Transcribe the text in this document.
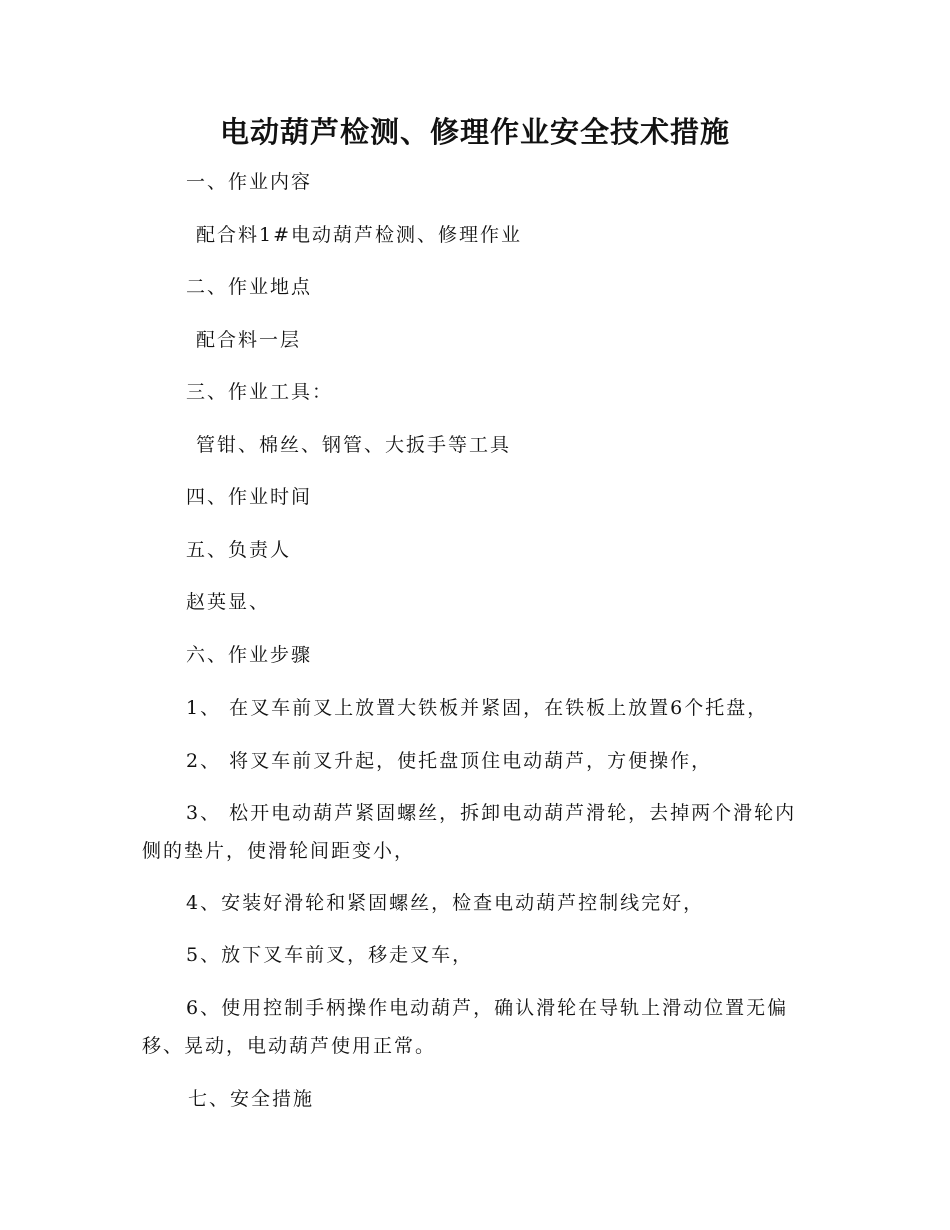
电动葫芦检测、修理作业安全技术措施
一、作业内容
配合料1#电动葫芦检测、修理作业
二、作业地点
配合料一层
三、作业工具：
管钳、棉丝、钢管、大扳手等工具
四、作业时间
五、负责人
赵英显、
六、作业步骤
1、 在叉车前叉上放置大铁板并紧固，在铁板上放置6个托盘，
2、 将叉车前叉升起，使托盘顶住电动葫芦，方便操作，
3、 松开电动葫芦紧固螺丝，拆卸电动葫芦滑轮，去掉两个滑轮内侧的垫片，使滑轮间距变小，
4、安装好滑轮和紧固螺丝，检查电动葫芦控制线完好，
5、放下叉车前叉，移走叉车，
6、使用控制手柄操作电动葫芦，确认滑轮在导轨上滑动位置无偏移、晃动，电动葫芦使用正常。
七、安全措施
